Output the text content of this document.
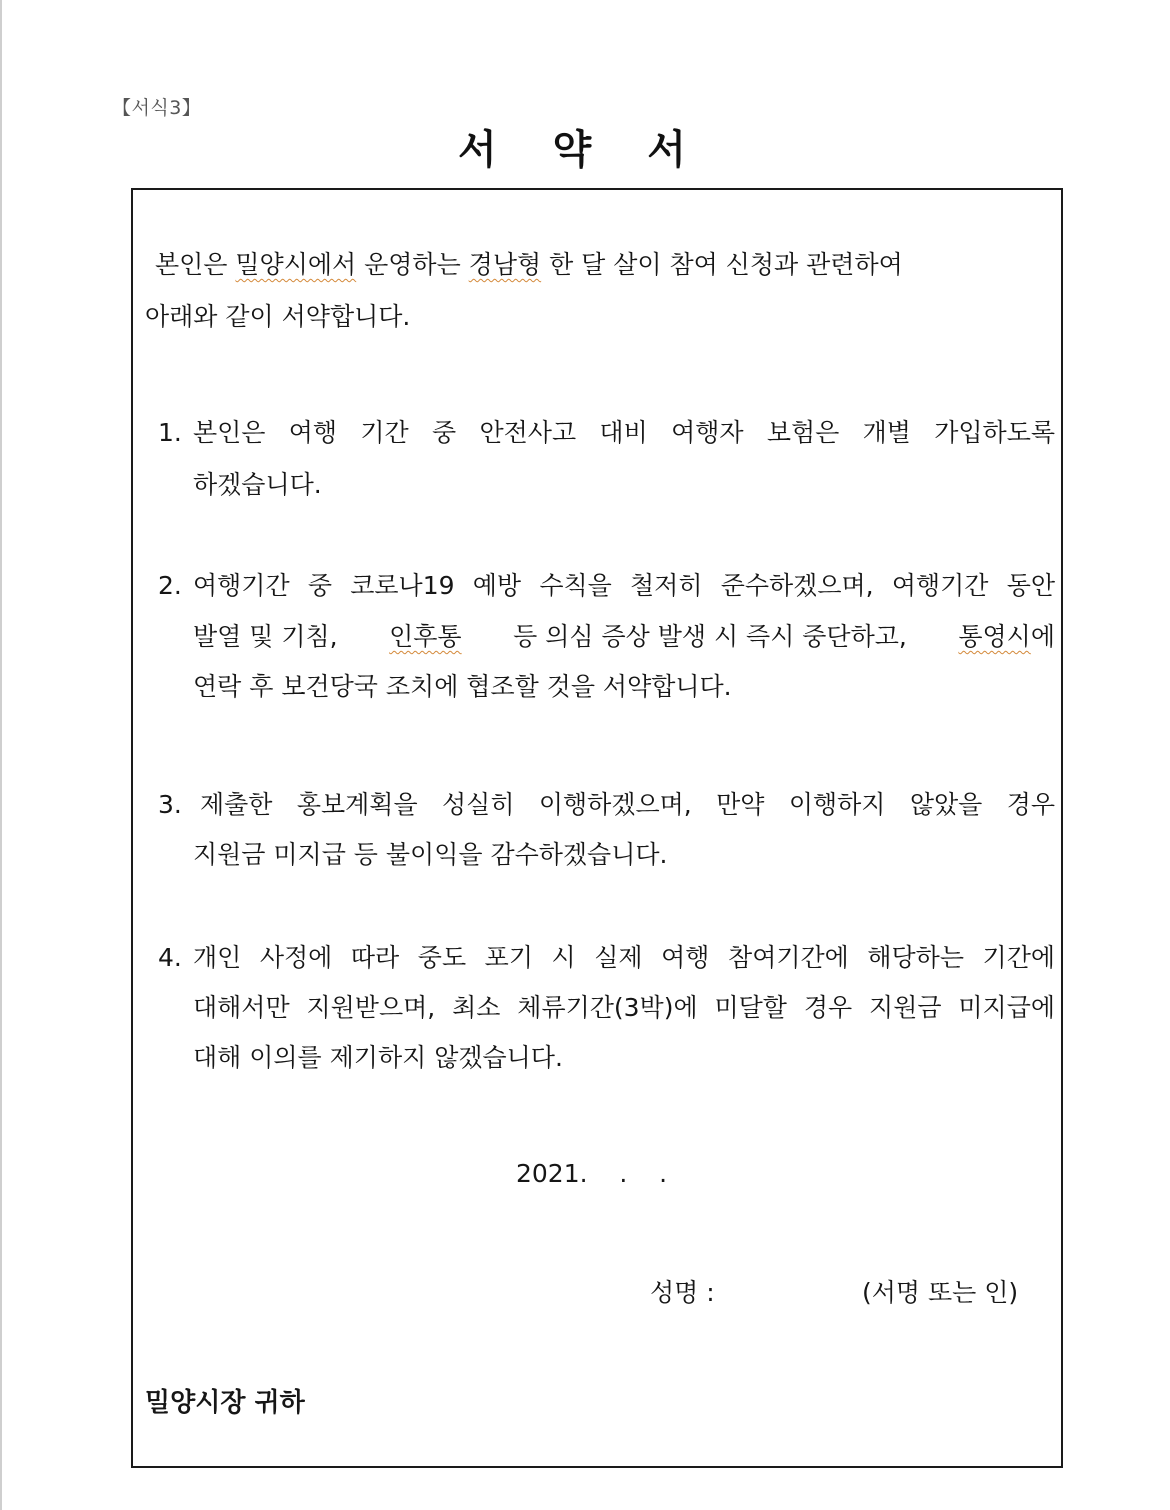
【서식3】
서약서
본인은 밀양시에서 운영하는 경남형 한 달 살이 참여 신청과 관련하여
아래와 같이 서약합니다.
1. 본인은 여행 기간 중 안전사고 대비 여행자 보험은 개별 가입하도록
하겠습니다.
2. 여행기간 중 코로나19 예방 수칙을 철저히 준수하겠으며, 여행기간 동안
발열 및 기침, 인후통 등 의심 증상 발생 시 즉시 중단하고, 통영시에
연락 후 보건당국 조치에 협조할 것을 서약합니다.
3. 제출한 홍보계획을 성실히 이행하겠으며, 만약 이행하지 않았을 경우
지원금 미지급 등 불이익을 감수하겠습니다.
4. 개인 사정에 따라 중도 포기 시 실제 여행 참여기간에 해당하는 기간에
대해서만 지원받으며, 최소 체류기간(3박)에 미달할 경우 지원금 미지급에
대해 이의를 제기하지 않겠습니다.
2021.    .    .
성명 :	(서명 또는 인)
밀양시장 귀하
